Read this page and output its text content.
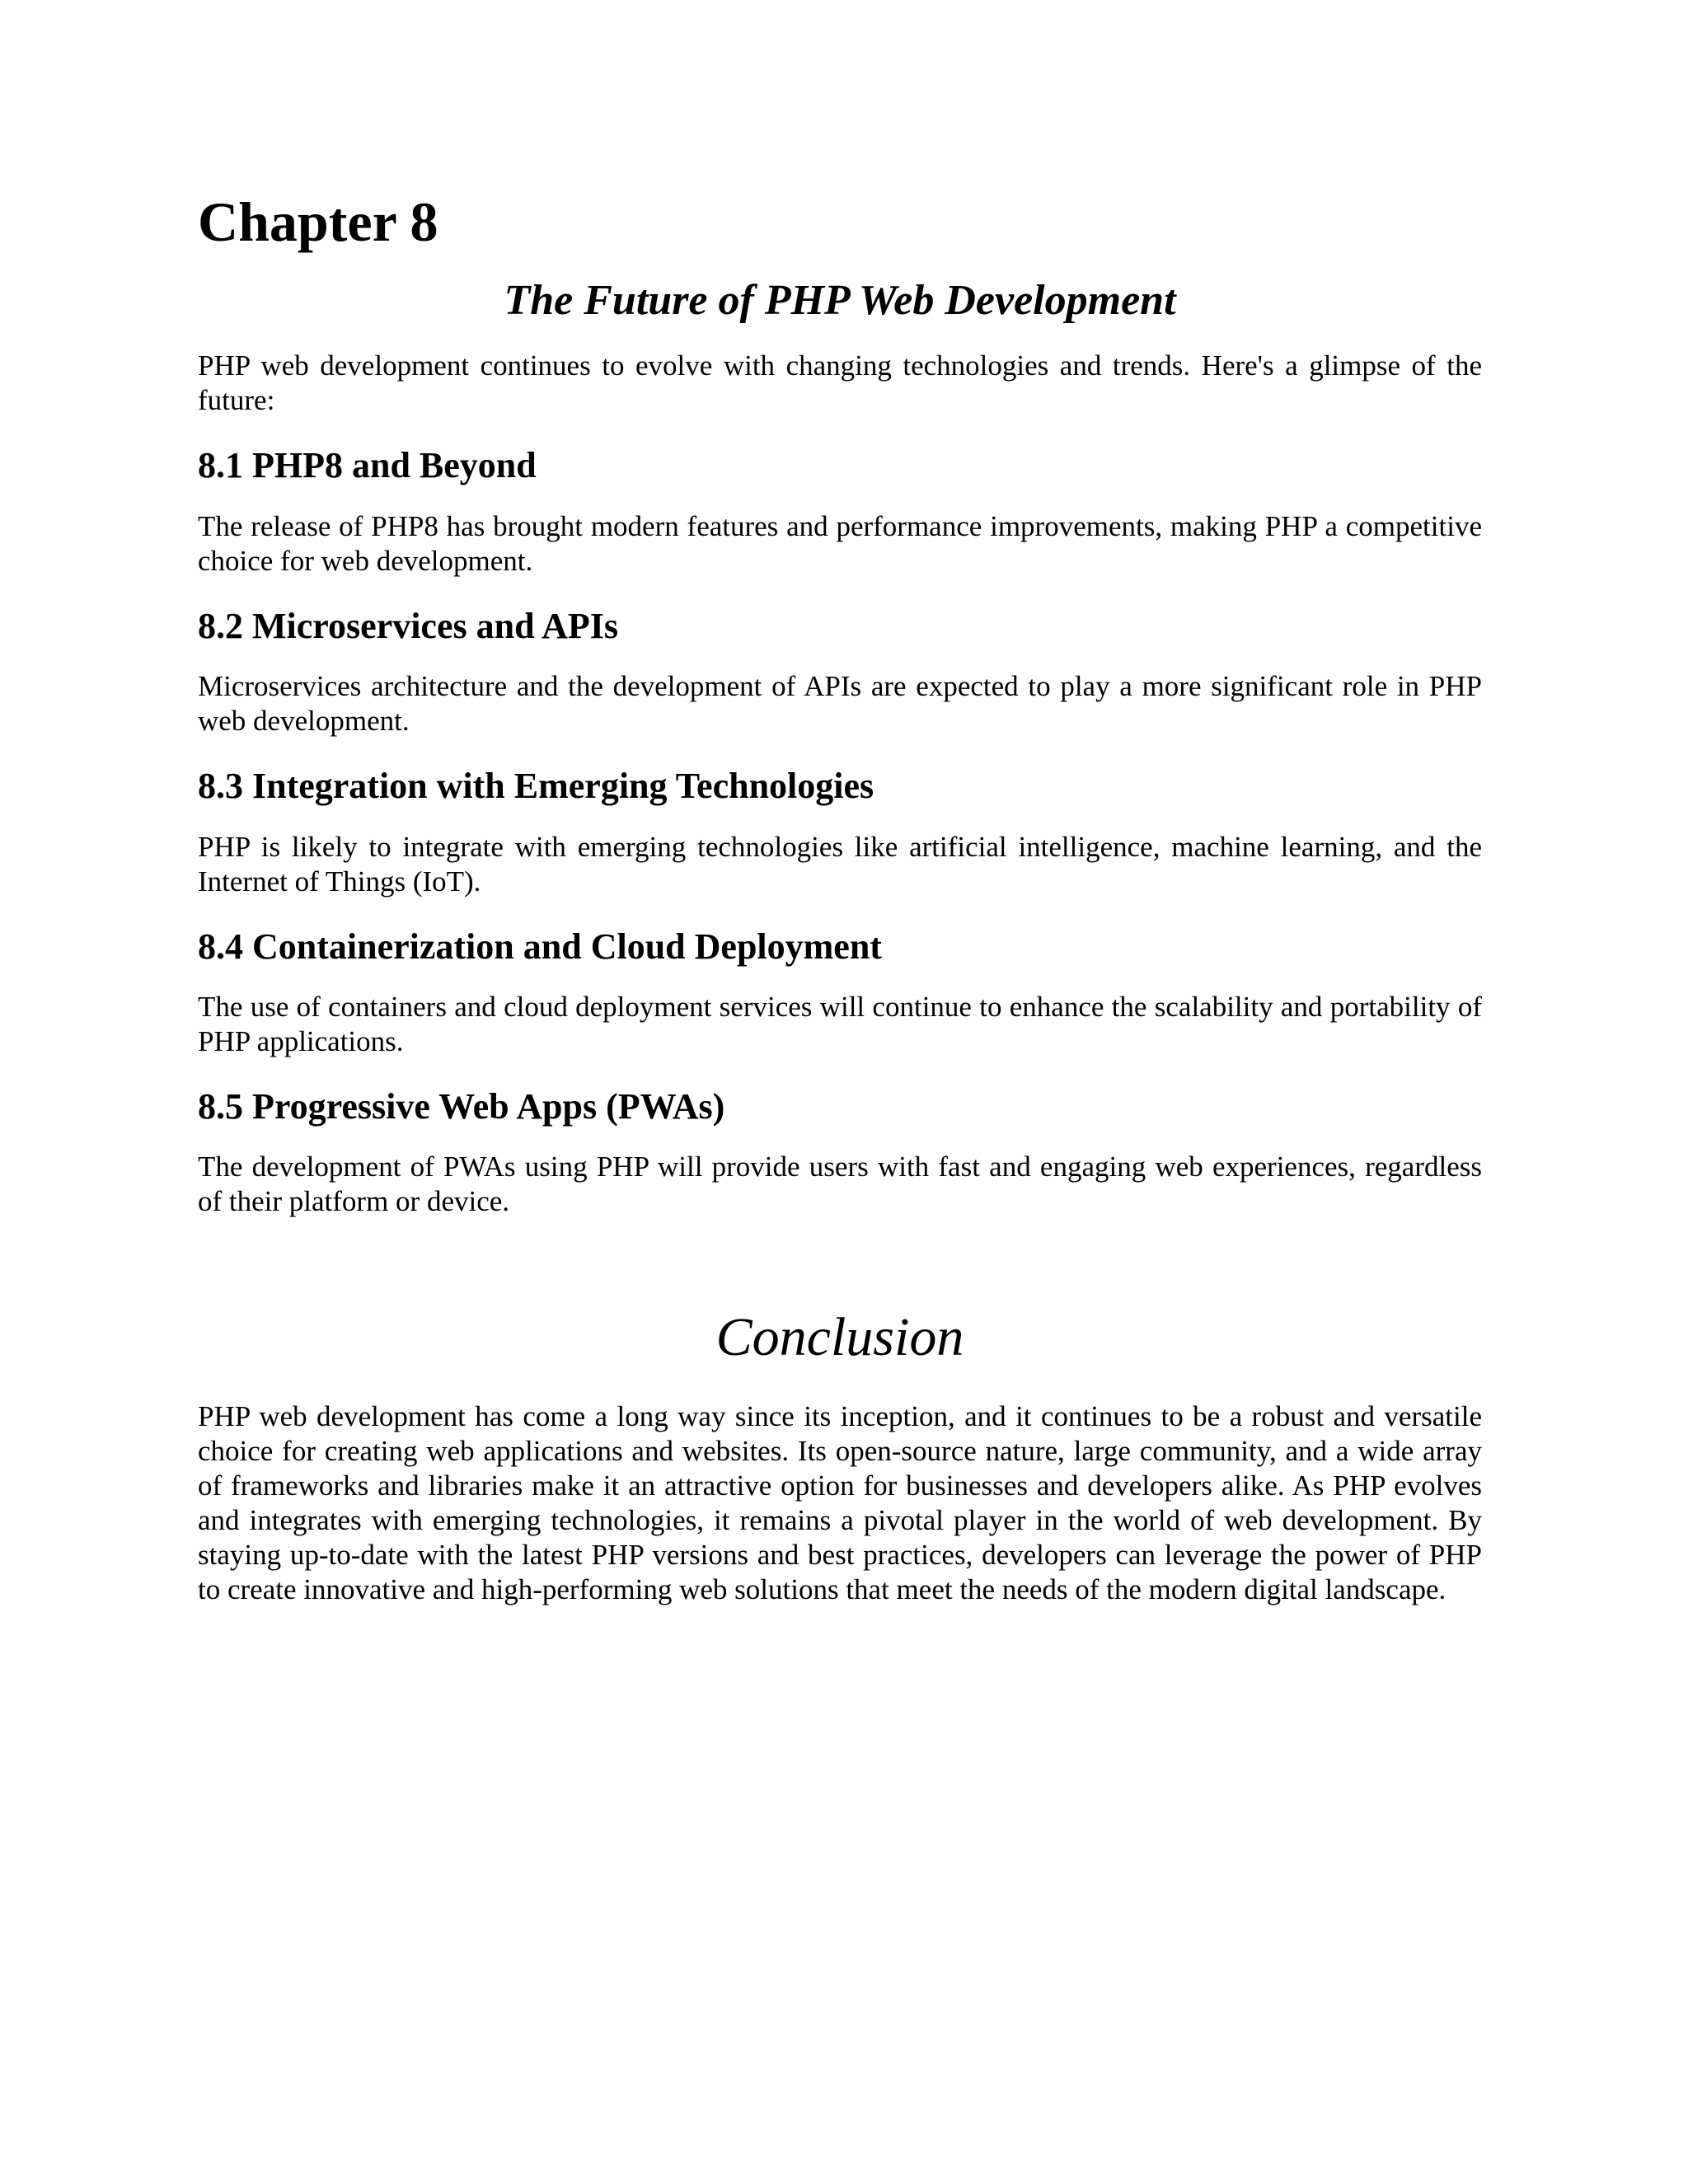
Chapter 8
The Future of PHP Web Development

PHP web development continues to evolve with changing technologies and trends. Here's a glimpse of the future:

8.1 PHP8 and Beyond

The release of PHP8 has brought modern features and performance improvements, making PHP a competitive choice for web development.

8.2 Microservices and APIs

Microservices architecture and the development of APIs are expected to play a more significant role in PHP web development.

8.3 Integration with Emerging Technologies

PHP is likely to integrate with emerging technologies like artificial intelligence, machine learning, and the Internet of Things (IoT).

8.4 Containerization and Cloud Deployment

The use of containers and cloud deployment services will continue to enhance the scalability and portability of PHP applications.

8.5 Progressive Web Apps (PWAs)

The development of PWAs using PHP will provide users with fast and engaging web experiences, regardless of their platform or device.

Conclusion

PHP web development has come a long way since its inception, and it continues to be a robust and versatile choice for creating web applications and websites. Its open-source nature, large community, and a wide array of frameworks and libraries make it an attractive option for businesses and developers alike. As PHP evolves and integrates with emerging technologies, it remains a pivotal player in the world of web development. By staying up-to-date with the latest PHP versions and best practices, developers can leverage the power of PHP to create innovative and high-performing web solutions that meet the needs of the modern digital landscape.
